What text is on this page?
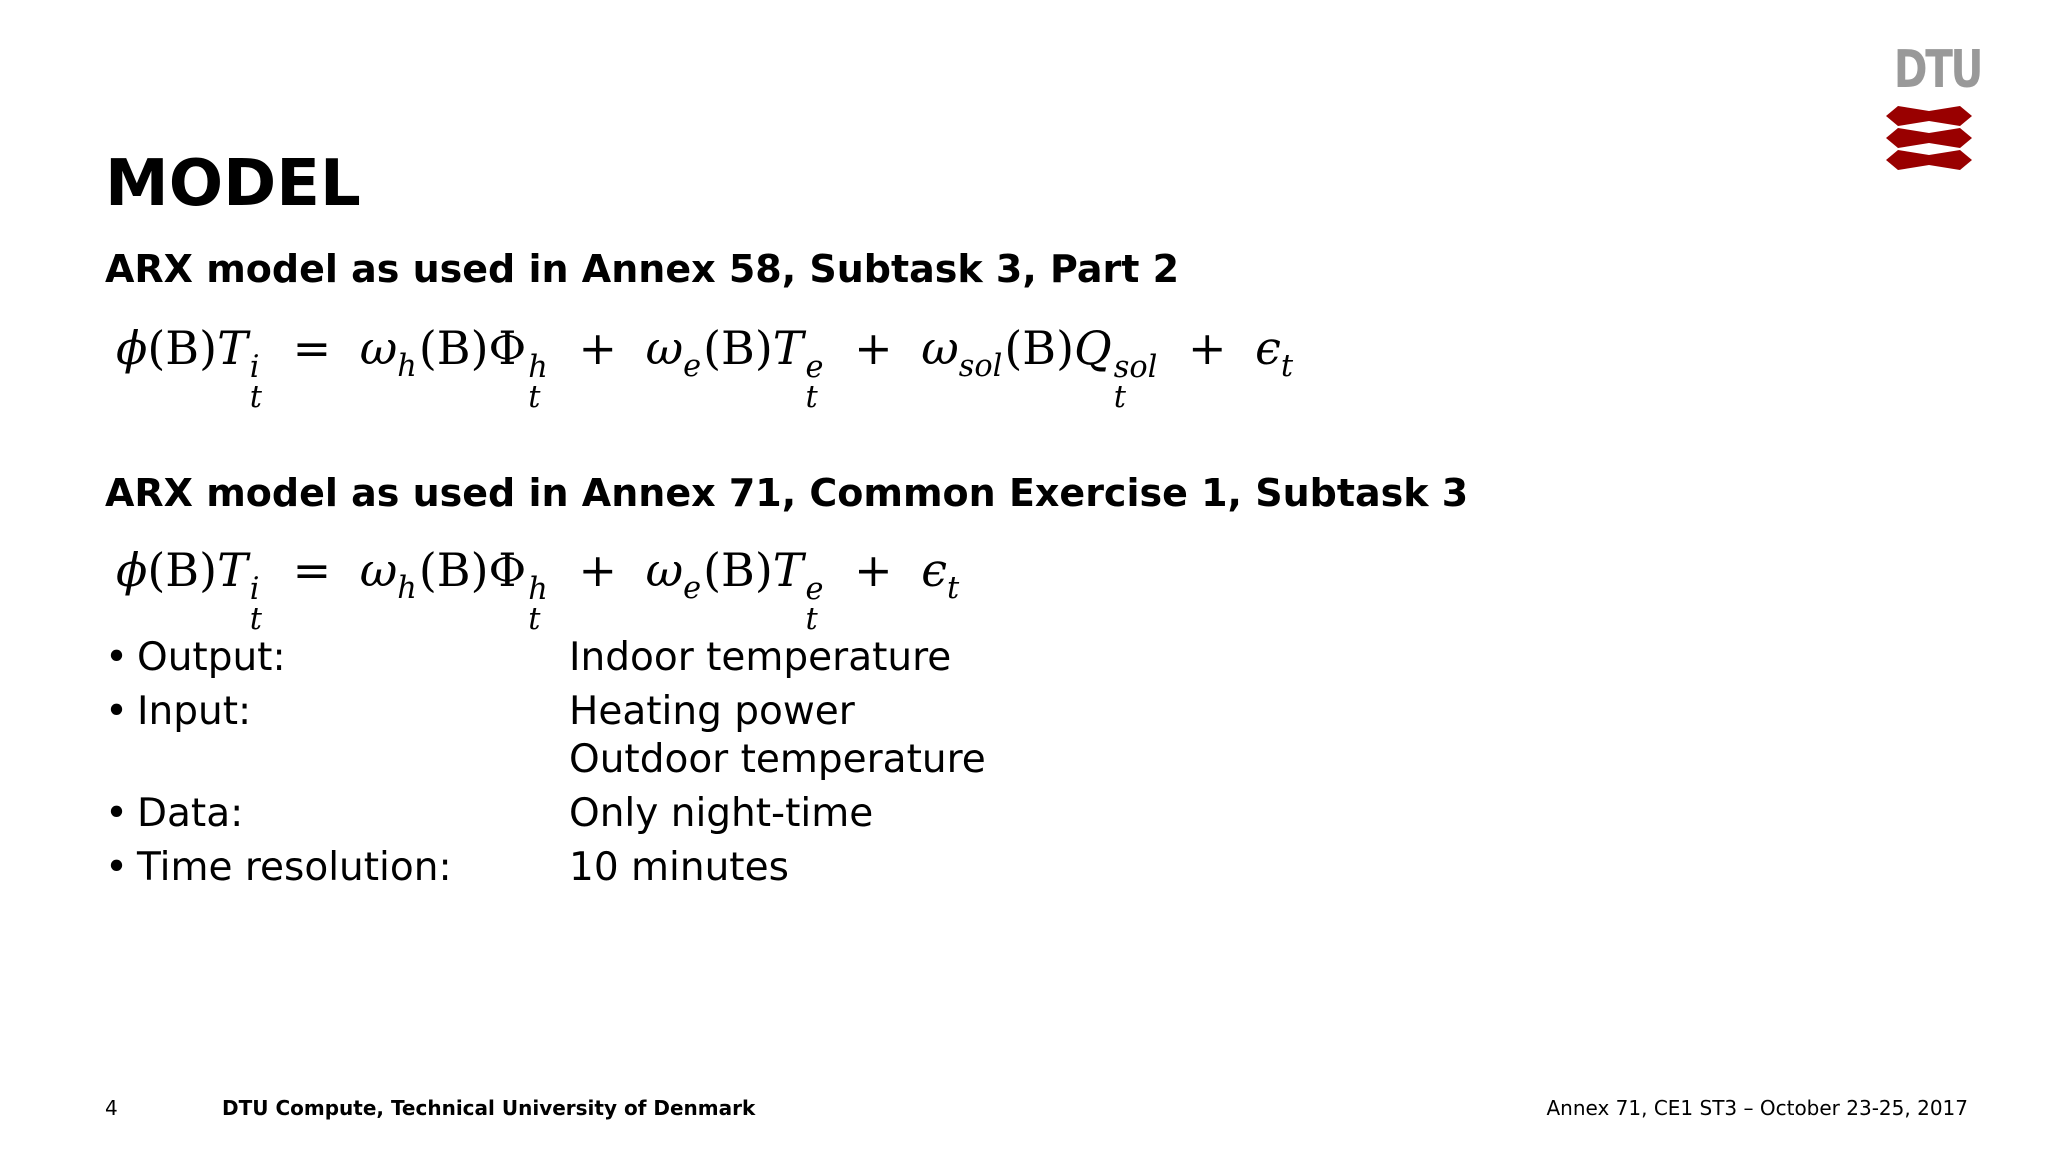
DTU
MODEL
ARX model as used in Annex 58, Subtask 3, Part 2
ϕ(B)T i
t
= $\omega_h(B)\Phi$ h
t
+ $\omega_e(B)T$ e
t
+ $\omega_{sol}(B)Q$ sol
t
+ $\epsilon_t$
ARX model as used in Annex 71, Common Exercise 1, Subtask 3
ϕ(B)T i
t
= $\omega_h(B)\Phi$ h
t
+ $\omega_e(B)T$ e
t
+ $\epsilon_t$
• Output:	Indoor temperature
• Input:	Heating power
Outdoor temperature
• Data:	Only night-time
• Time resolution:	10 minutes
4	DTU Compute, Technical University of Denmark	Annex 71, CE1 ST3 – October 23-25, 2017
